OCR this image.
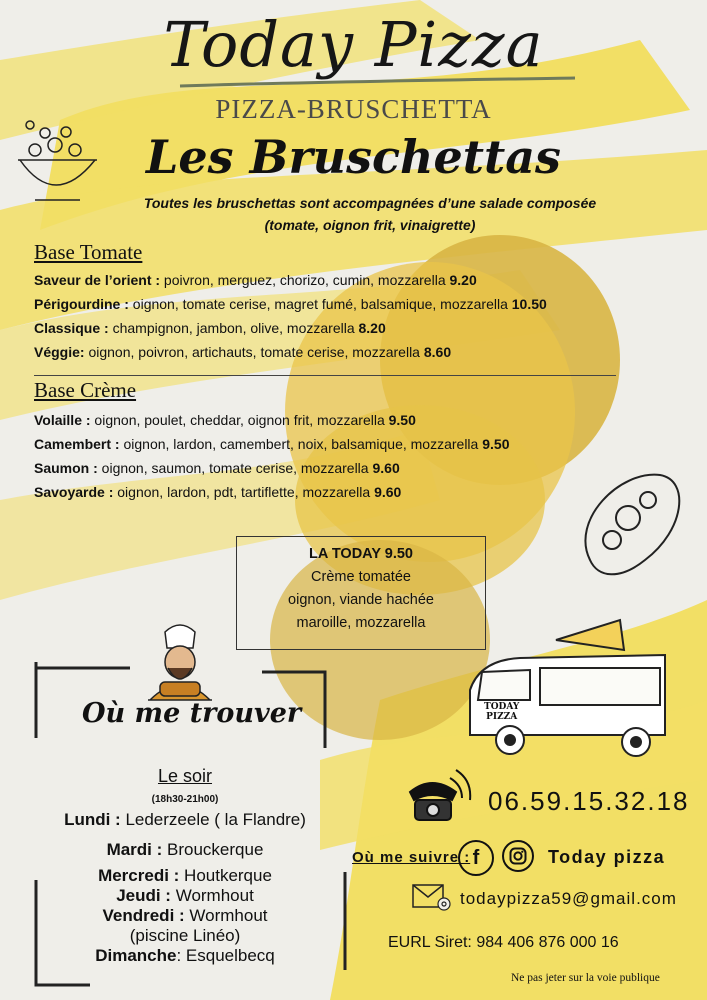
Today Pizza
PIZZA-BRUSCHETTA
Les Bruschettas
Toutes les bruschettas sont accompagnées d’une salade composée
(tomate, oignon frit, vinaigrette)
Base Tomate
Saveur de l’orient : poivron, merguez, chorizo, cumin, mozzarella 9.20
Périgourdine : oignon, tomate cerise, magret fumé, balsamique, mozzarella 10.50
Classique : champignon, jambon, olive, mozzarella 8.20
Véggie: oignon, poivron, artichauts, tomate cerise, mozzarella 8.60
Base Crème
Volaille : oignon, poulet, cheddar, oignon frit, mozzarella 9.50
Camembert : oignon, lardon, camembert, noix, balsamique, mozzarella 9.50
Saumon : oignon, saumon, tomate cerise, mozzarella 9.60
Savoyarde : oignon, lardon, pdt, tartiflette, mozzarella 9.60
LA TODAY 9.50
Crème tomatée
oignon, viande hachée
maroille, mozzarella
TODAY
PIZZA
Où me trouver
Le soir
(18h30-21h00)
Lundi : Lederzeele ( la Flandre)
Mardi : Brouckerque
Mercredi : Houtkerque
Jeudi : Wormhout
Vendredi : Wormhout
(piscine Linéo)
Dimanche: Esquelbecq
06.59.15.32.18
Où me suivre : f	Today pizza
todaypizza59@gmail.com
EURL Siret: 984 406 876 000 16
Ne pas jeter sur la voie publique
